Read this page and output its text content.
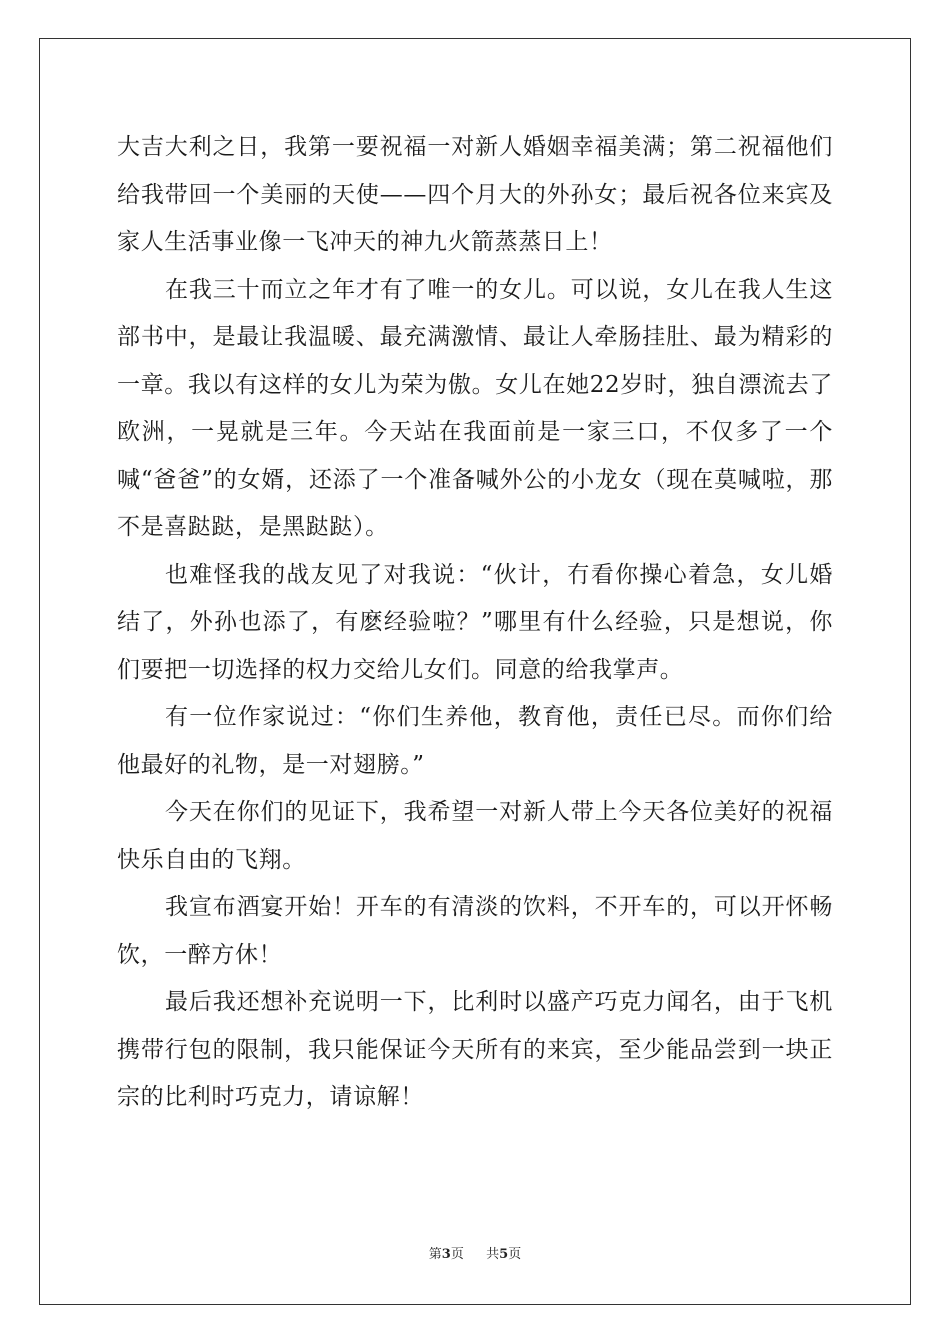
大吉大利之日，我第一要祝福一对新人婚姻幸福美满；第二祝福他们给我带回一个美丽的天使——四个月大的外孙女；最后祝各位来宾及家人生活事业像一飞冲天的神九火箭蒸蒸日上！

在我三十而立之年才有了唯一的女儿。可以说，女儿在我人生这部书中，是最让我温暖、最充满激情、最让人牵肠挂肚、最为精彩的一章。我以有这样的女儿为荣为傲。女儿在她22岁时，独自漂流去了欧洲，一晃就是三年。今天站在我面前是一家三口，不仅多了一个喊“爸爸”的女婿，还添了一个准备喊外公的小龙女（现在莫喊啦，那不是喜跶跶，是黑跶跶）。

也难怪我的战友见了对我说：“伙计，冇看你操心着急，女儿婚结了，外孙也添了，有麽经验啦？”哪里有什么经验，只是想说，你们要把一切选择的权力交给儿女们。同意的给我掌声。

有一位作家说过：“你们生养他，教育他，责任已尽。而你们给他最好的礼物，是一对翅膀。”

今天在你们的见证下，我希望一对新人带上今天各位美好的祝福快乐自由的飞翔。

我宣布酒宴开始！开车的有清淡的饮料，不开车的，可以开怀畅饮，一醉方休！

最后我还想补充说明一下，比利时以盛产巧克力闻名，由于飞机携带行包的限制，我只能保证今天所有的来宾，至少能品尝到一块正宗的比利时巧克力，请谅解！

第3页 共5页
